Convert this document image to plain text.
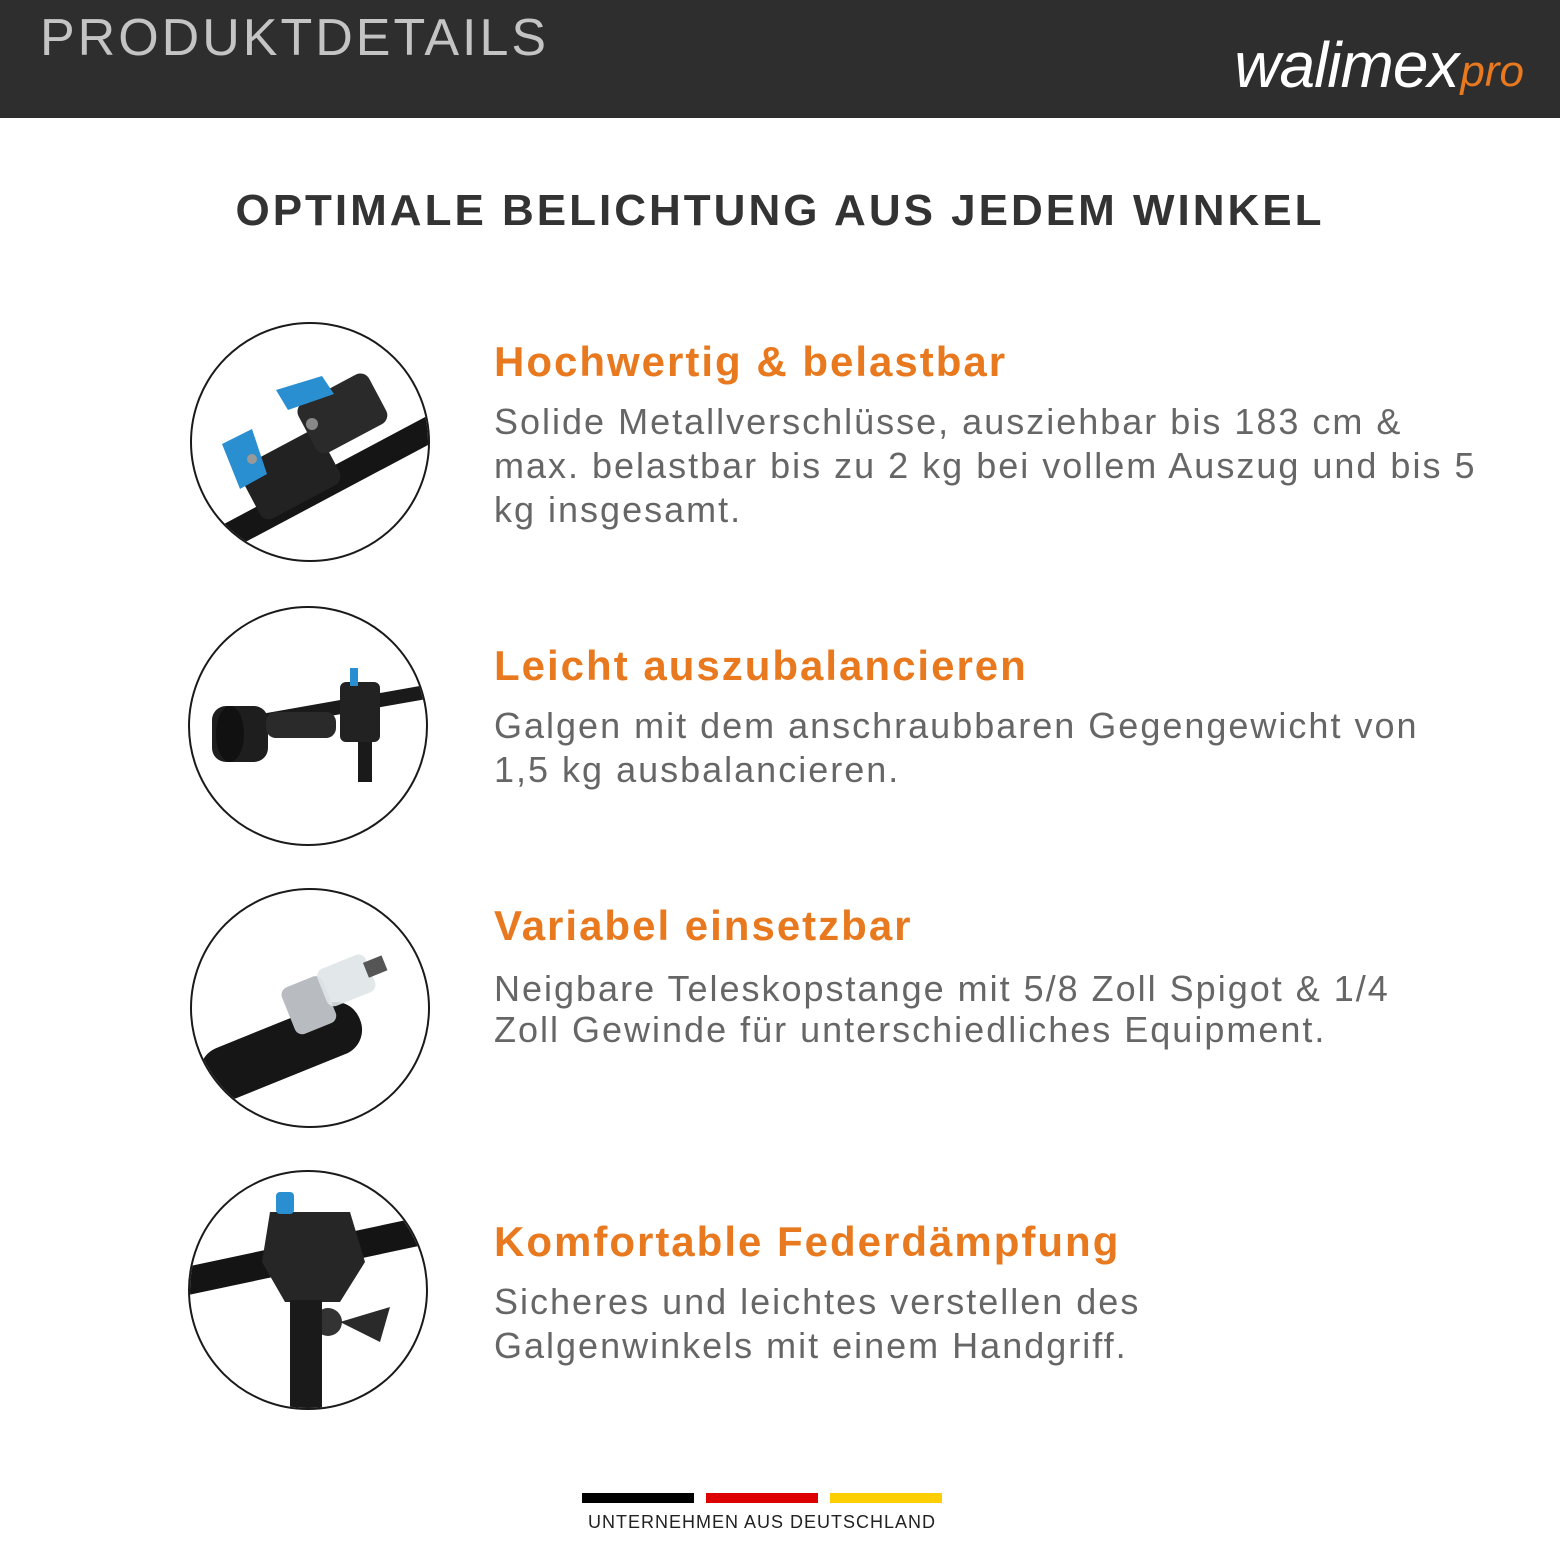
PRODUKTDETAILS	walimex pro
OPTIMALE BELICHTUNG AUS JEDEM WINKEL
Hochwertig & belastbar
Solide Metallverschlüsse, ausziehbar bis 183 cm & max. belastbar bis zu 2 kg bei vollem Auszug und bis 5 kg insgesamt.
Leicht auszubalancieren
Galgen mit dem anschraubbaren Gegengewicht von 1,5 kg ausbalancieren.
Variabel einsetzbar
Neigbare Teleskopstange mit 5/8 Zoll Spigot & 1/4 Zoll Gewinde für unterschiedliches Equipment.
Komfortable Federdämpfung
Sicheres und leichtes verstellen des Galgenwinkels mit einem Handgriff.
UNTERNEHMEN AUS DEUTSCHLAND
